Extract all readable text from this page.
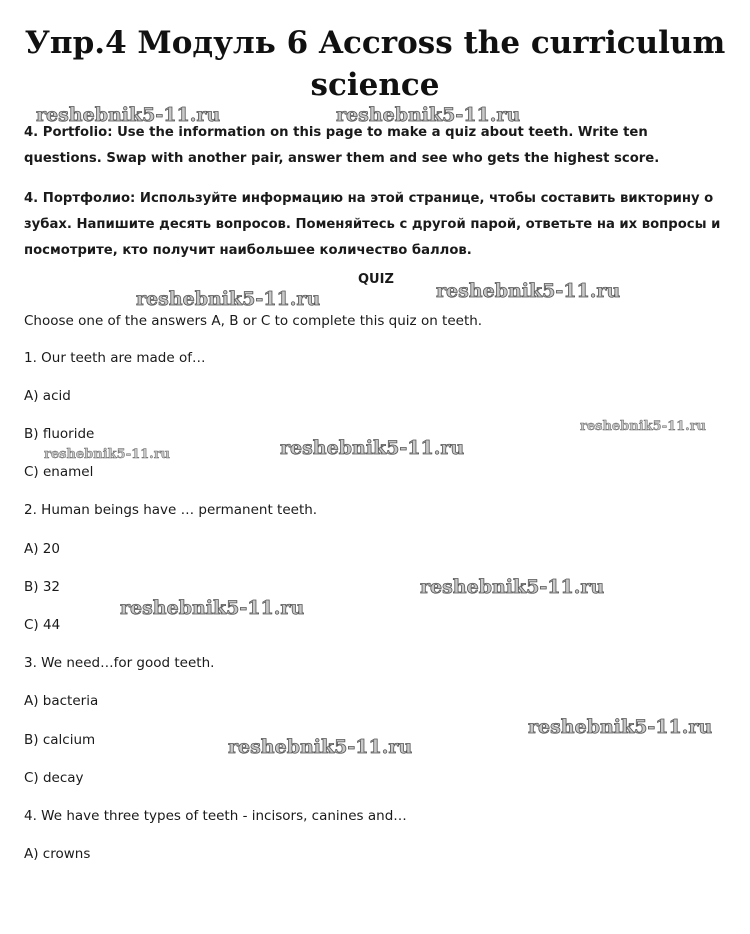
Упр.4 Модуль 6 Accross the curriculum
science

4. Portfolio: Use the information on this page to make a quiz about teeth. Write ten questions. Swap with another pair, answer them and see who gets the highest score.

4. Портфолио: Используйте информацию на этой странице, чтобы составить викторину о зубах. Напишите десять вопросов. Поменяйтесь с другой парой, ответьте на их вопросы и посмотрите, кто получит наибольшее количество баллов.

QUIZ

Choose one of the answers A, B or C to complete this quiz on teeth.

1. Our teeth are made of…

A) acid

B) fluoride

C) enamel

2. Human beings have … permanent teeth.

A) 20

B) 32

C) 44

3. We need…for good teeth.

A) bacteria

B) calcium

C) decay

4. We have three types of teeth - incisors, canines and…

A) crowns

reshebnik5-11.ru	reshebnik5-11.ru
reshebnik5-11.ru	reshebnik5-11.ru
reshebnik5-11.ru
reshebnik5-11.ru
reshebnik5-11.ru
reshebnik5-11.ru
reshebnik5-11.ru
reshebnik5-11.ru
reshebnik5-11.ru
